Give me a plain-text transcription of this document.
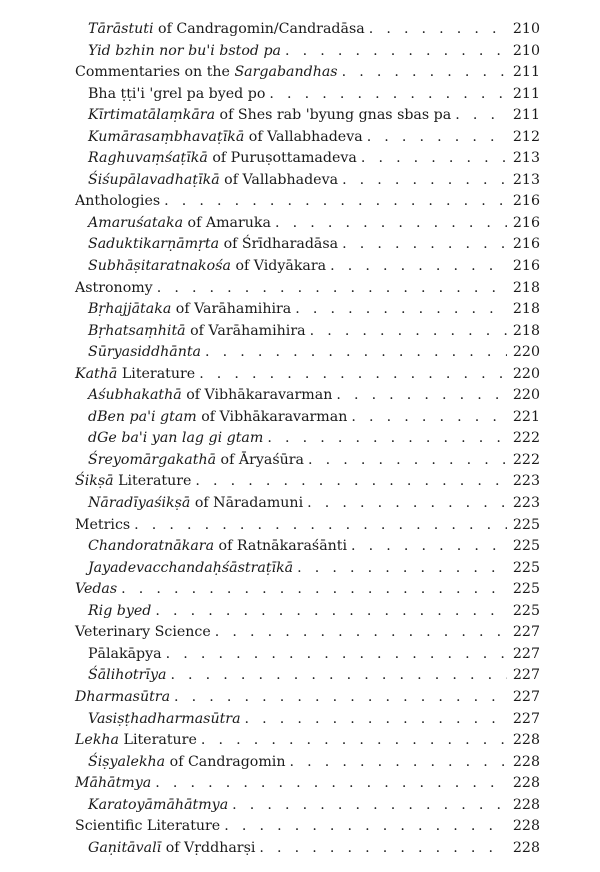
Tārāstuti of Candragomin/Candradāsa . . .	210
Yid bzhin nor bu'i bstod pa . . .	210
Commentaries on the Sargabandhas . . .	211
Bha ṭṭi'i 'grel pa byed po . . .	211
Kīrtimatālaṃkāra of Shes rab 'byung gnas sbas pa . . .	211
Kumārasaṃbhavaṭīkā of Vallabhadeva . . .	212
Raghuvaṃśaṭīkā of Puruṣottamadeva . . .	213
Śiśupālavadhaṭīkā of Vallabhadeva . . .	213
Anthologies . . .	216
Amaruśataka of Amaruka . . .	216
Saduktikarṇāmṛta of Śrīdharadāsa . . .	216
Subhāṣitaratnakośa of Vidyākara . . .	216
Astronomy . . .	218
Bṛhajjātaka of Varāhamihira . . .	218
Bṛhatsaṃhitā of Varāhamihira . . .	218
Sūryasiddhānta . . .	220
Kathā Literature . . .	220
Aśubhakathā of Vibhākaravarman . . .	220
dBen pa'i gtam of Vibhākaravarman . . .	221
dGe ba'i yan lag gi gtam . . .	222
Śreyomārgakathā of Āryaśūra . . .	222
Śikṣā Literature . . .	223
Nāradīyaśikṣā of Nāradamuni . . .	223
Metrics . . .	225
Chandoratnākara of Ratnākaraśānti . . .	225
Jayadevacchandaḥśāstraṭīkā . . .	225
Vedas . . .	225
Rig byed . . .	225
Veterinary Science . . .	227
Pālakāpya . . .	227
Śālihotrīya . . .	227
Dharmasūtra . . .	227
Vasiṣṭhadharmasūtra . . .	227
Lekha Literature . . .	228
Śiṣyalekha of Candragomin . . .	228
Māhātmya . . .	228
Karatoyāmāhātmya . . .	228
Scientific Literature . . .	228
Gaṇitāvalī of Vṛddharṣi . . .	228
